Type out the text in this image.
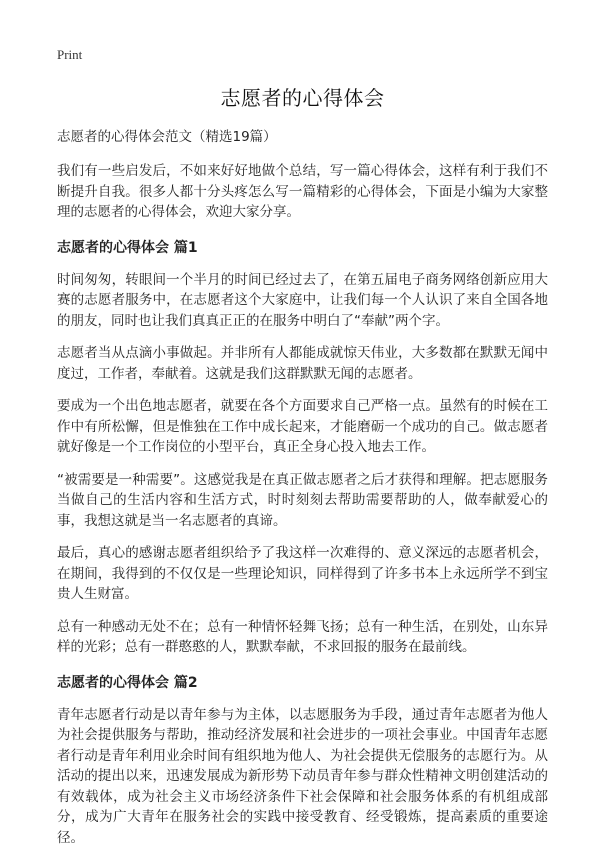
Print
志愿者的心得体会
志愿者的心得体会范文（精选19篇）

我们有一些启发后，不如来好好地做个总结，写一篇心得体会，这样有利于我们不断提升自我。很多人都十分头疼怎么写一篇精彩的心得体会，下面是小编为大家整理的志愿者的心得体会，欢迎大家分享。

志愿者的心得体会 篇1

时间匆匆，转眼间一个半月的时间已经过去了，在第五届电子商务网络创新应用大赛的志愿者服务中，在志愿者这个大家庭中，让我们每一个人认识了来自全国各地的朋友，同时也让我们真真正正的在服务中明白了“奉献”两个字。

志愿者当从点滴小事做起。并非所有人都能成就惊天伟业，大多数都在默默无闻中度过，工作者，奉献着。这就是我们这群默默无闻的志愿者。

要成为一个出色地志愿者，就要在各个方面要求自己严格一点。虽然有的时候在工作中有所松懈，但是惟独在工作中成长起来，才能磨砺一个成功的自己。做志愿者就好像是一个工作岗位的小型平台，真正全身心投入地去工作。

“被需要是一种需要”。这感觉我是在真正做志愿者之后才获得和理解。把志愿服务当做自己的生活内容和生活方式，时时刻刻去帮助需要帮助的人，做奉献爱心的事，我想这就是当一名志愿者的真谛。

最后，真心的感谢志愿者组织给予了我这样一次难得的、意义深远的志愿者机会，在期间，我得到的不仅仅是一些理论知识，同样得到了许多书本上永远所学不到宝贵人生财富。

总有一种感动无处不在；总有一种情怀轻舞飞扬；总有一种生活，在别处，山东异样的光彩；总有一群憨憨的人，默默奉献，不求回报的服务在最前线。

志愿者的心得体会 篇2

青年志愿者行动是以青年参与为主体，以志愿服务为手段，通过青年志愿者为他人为社会提供服务与帮助，推动经济发展和社会进步的一项社会事业。中国青年志愿者行动是青年利用业余时间有组织地为他人、为社会提供无偿服务的志愿行为。从活动的提出以来，迅速发展成为新形势下动员青年参与群众性精神文明创建活动的有效载体，成为社会主义市场经济条件下社会保障和社会服务体系的有机组成部分，成为广大青年在服务社会的实践中接受教育、经受锻炼，提高素质的重要途径。
